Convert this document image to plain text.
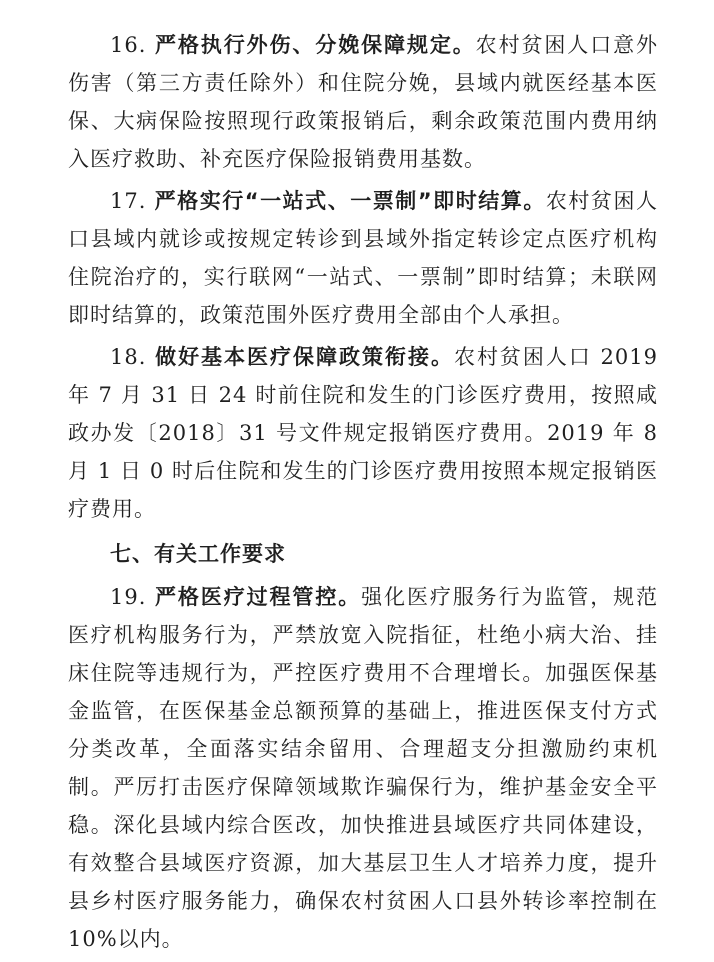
16. 严格执行外伤、分娩保障规定。农村贫困人口意外伤害（第三方责任除外）和住院分娩，县域内就医经基本医保、大病保险按照现行政策报销后，剩余政策范围内费用纳入医疗救助、补充医疗保险报销费用基数。

17. 严格实行“一站式、一票制”即时结算。农村贫困人口县域内就诊或按规定转诊到县域外指定转诊定点医疗机构住院治疗的，实行联网“一站式、一票制”即时结算；未联网即时结算的，政策范围外医疗费用全部由个人承担。

18. 做好基本医疗保障政策衔接。农村贫困人口 2019 年 7 月 31 日 24 时前住院和发生的门诊医疗费用，按照咸政办发〔2018〕31 号文件规定报销医疗费用。2019 年 8 月 1 日 0 时后住院和发生的门诊医疗费用按照本规定报销医疗费用。

七、有关工作要求

19. 严格医疗过程管控。强化医疗服务行为监管，规范医疗机构服务行为，严禁放宽入院指征，杜绝小病大治、挂床住院等违规行为，严控医疗费用不合理增长。加强医保基金监管，在医保基金总额预算的基础上，推进医保支付方式分类改革，全面落实结余留用、合理超支分担激励约束机制。严厉打击医疗保障领域欺诈骗保行为，维护基金安全平稳。深化县域内综合医改，加快推进县域医疗共同体建设，有效整合县域医疗资源，加大基层卫生人才培养力度，提升县乡村医疗服务能力，确保农村贫困人口县外转诊率控制在 10%以内。
